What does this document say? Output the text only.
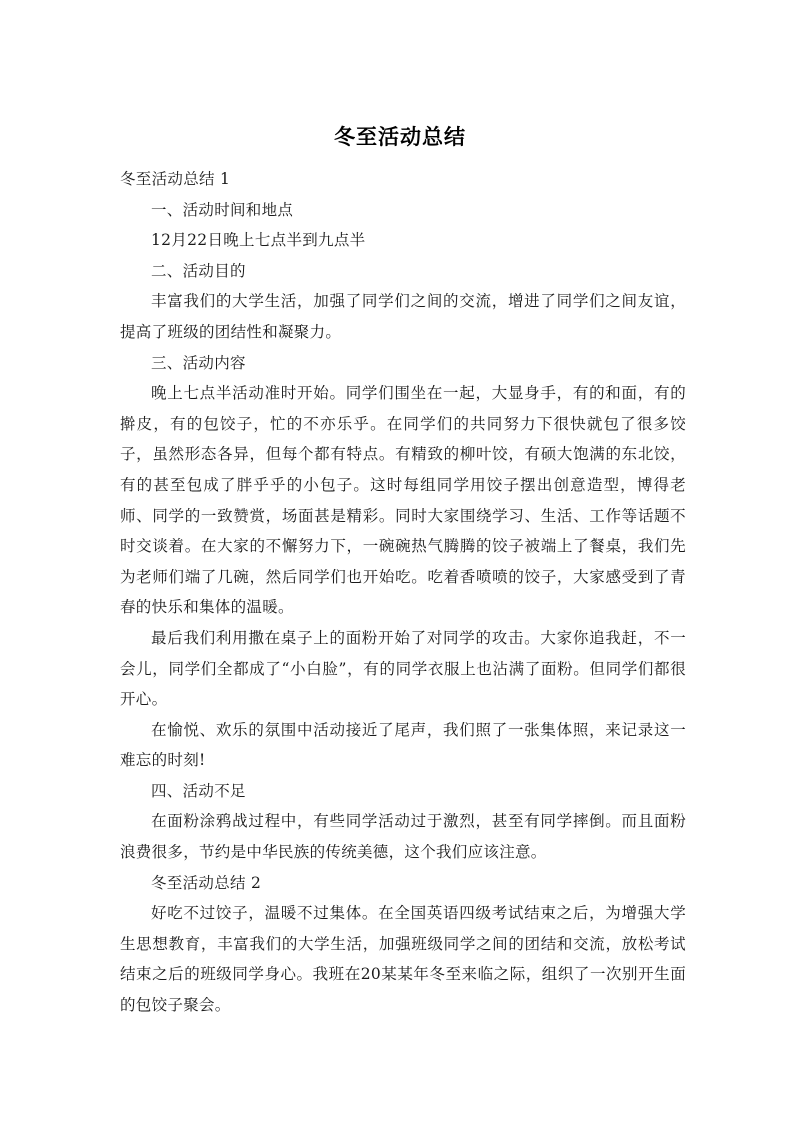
冬至活动总结

冬至活动总结 1

一、活动时间和地点

12月22日晚上七点半到九点半

二、活动目的

丰富我们的大学生活，加强了同学们之间的交流，增进了同学们之间友谊，提高了班级的团结性和凝聚力。

三、活动内容

晚上七点半活动准时开始。同学们围坐在一起，大显身手，有的和面，有的擀皮，有的包饺子，忙的不亦乐乎。在同学们的共同努力下很快就包了很多饺子，虽然形态各异，但每个都有特点。有精致的柳叶饺，有硕大饱满的东北饺，有的甚至包成了胖乎乎的小包子。这时每组同学用饺子摆出创意造型，博得老师、同学的一致赞赏，场面甚是精彩。同时大家围绕学习、生活、工作等话题不时交谈着。在大家的不懈努力下，一碗碗热气腾腾的饺子被端上了餐桌，我们先为老师们端了几碗，然后同学们也开始吃。吃着香喷喷的饺子，大家感受到了青春的快乐和集体的温暖。

最后我们利用撒在桌子上的面粉开始了对同学的攻击。大家你追我赶，不一会儿，同学们全都成了“小白脸”，有的同学衣服上也沾满了面粉。但同学们都很开心。

在愉悦、欢乐的氛围中活动接近了尾声，我们照了一张集体照，来记录这一难忘的时刻!

四、活动不足

在面粉涂鸦战过程中，有些同学活动过于激烈，甚至有同学摔倒。而且面粉浪费很多，节约是中华民族的传统美德，这个我们应该注意。

冬至活动总结 2

好吃不过饺子，温暖不过集体。在全国英语四级考试结束之后，为增强大学生思想教育，丰富我们的大学生活，加强班级同学之间的团结和交流，放松考试结束之后的班级同学身心。我班在20某某年冬至来临之际，组织了一次别开生面的包饺子聚会。
